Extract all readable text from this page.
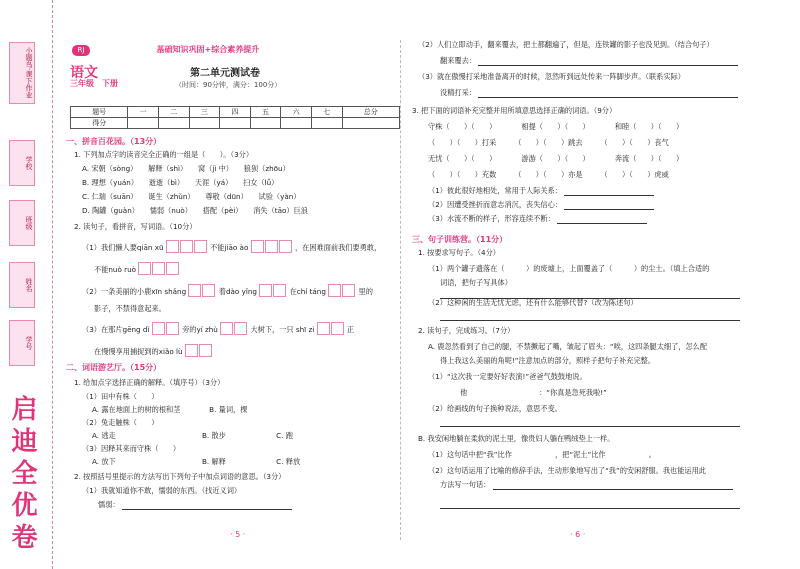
小题鸟·课下作业
学校
班级
姓名
学号
启迪全优卷
RJ	基础知识巩固+综合素养提升
语文
三年级　下册
第二单元测试卷
（时间：90分钟，满分：100分）
题号	一	二	三	四	五	六	七	总分
得分								
一、拼音百花园。（13分）
1. 下列加点字的读音完全正确的一组是（　　）。（3分）
A. 宋朝（sòng）　　解释（shì）　　窝（jì 中）　　​狼狈（zhōu）
B. 理想（yuán）　　逝逝（bì）　　天涯（yá）　　扫女（lǚ）
C. 仁瑞（suān）　　诞生（zhǔn）　　尊敬（dūn）　　试验（yàn）
D. 陶罐（guàn）　　懦弱（nuò）　　搭配（pèi）　　消失（tāo）巨浪
2. 读句子，看拼音，写词语。（10分）
（1）我们懒人要qiān xū	不能jiāo ào	，在困难面前我们要勇敢，
不能nuò ruò
（2）一条美丽的小鹿xīn shǎng	着dào yǐng	在chí táng	里的
影子，不禁得意起来。
（3）在那片gēng dì	旁的yí zhù	大树下，一只 shī zi	正
在慢慢享用捕捉到的xiǎo lù
二、词语游艺厅。（15分）
1. 给加点字选择正确的解释。（填序号）（3分）
（1）田中有株（　　）
A. 露在地面上的树的根和茎　　　　B. 量词，棵
（2）兔走触株（　　）
A. 逃走　　　　　　　　　　　　B. 散步　　　　　　　C. 跑
（3）因释其来而守株（　　）
A. 放下　　　　　　　　　　　　B. 解释　　　　　　　C. 释放
2. 按照括号里提示的方法写出下列句子中加点词语的意思。（3分）
（1）我就知道你不敢，懦弱的东西。（找近义词）
懦弱：
· 5 ·
（2）人们立即动手，翻来覆去，把土都翻遍了，但是，连铁罐的影子也没见到。（结合句子）
翻来覆去：
（3）就在傲慢打采地准备离开的时候，忽然听到远处传来一阵脚步声。（联系实际）
没精打采：
3. 把下面的词语补充完整并用所填意思选择正确的词语。（9分）
守株（　　）（　　）　　　　相提（　　）（　　）　　　　和睦（　　）（　　）
（　　）（　　）打采　　　（　　）（　　）跳去　　　（　　）（　　）丧气
无忧（　　）（　　）　　　　游游（　　）（　　）　　　　奔流（　　）（　　）
（　　）（　　）充数　　　（　　）（　　）亦是　　　（　　）（　　）虎威
（1）彼此很好地相处，常用于人际关系：
（2）因遭受挫折而意志消沉，丧失信心：
（3）水流不断的样子，形容连续不断：
三、句子训练营。（11分）
1. 按要求写句子。（4分）
（1）两个罐子遗落在（　　　）的废墟上，上面覆盖了（　　　）的尘土。（填上合适的
词语，把句子写具体）
（2）这种闲的生活无忧无虑，还有什么能够代替?（改为陈述句）
2. 读句子，完成练习。（7分）
A. 鹿忽然看到了自己的腿，不禁撅起了嘴，皱起了眉头：“唉，这四条腿太细了，怎么配
得上我这么美丽的角呢!”注意加点的部分，照样子把句子补充完整。
（1）“这次我一定要好好表演!”爸爸气鼓鼓地说。
他　　　　　　　　　　：“你真是急死我啦!”
（2）给画线的句子换种说法，意思不变。
B. 我安闲地躺在柔软的泥土里，像贵妇人躺在鸭绒垫上一样。
（1）这句话中把“我”比作　　　　　　，把“泥土”比作　　　　　　。
（2）这句话运用了比喻的修辞手法，生动形象地写出了“我”的安闲舒服。我也能运用此
方法写一句话：
· 6 ·
